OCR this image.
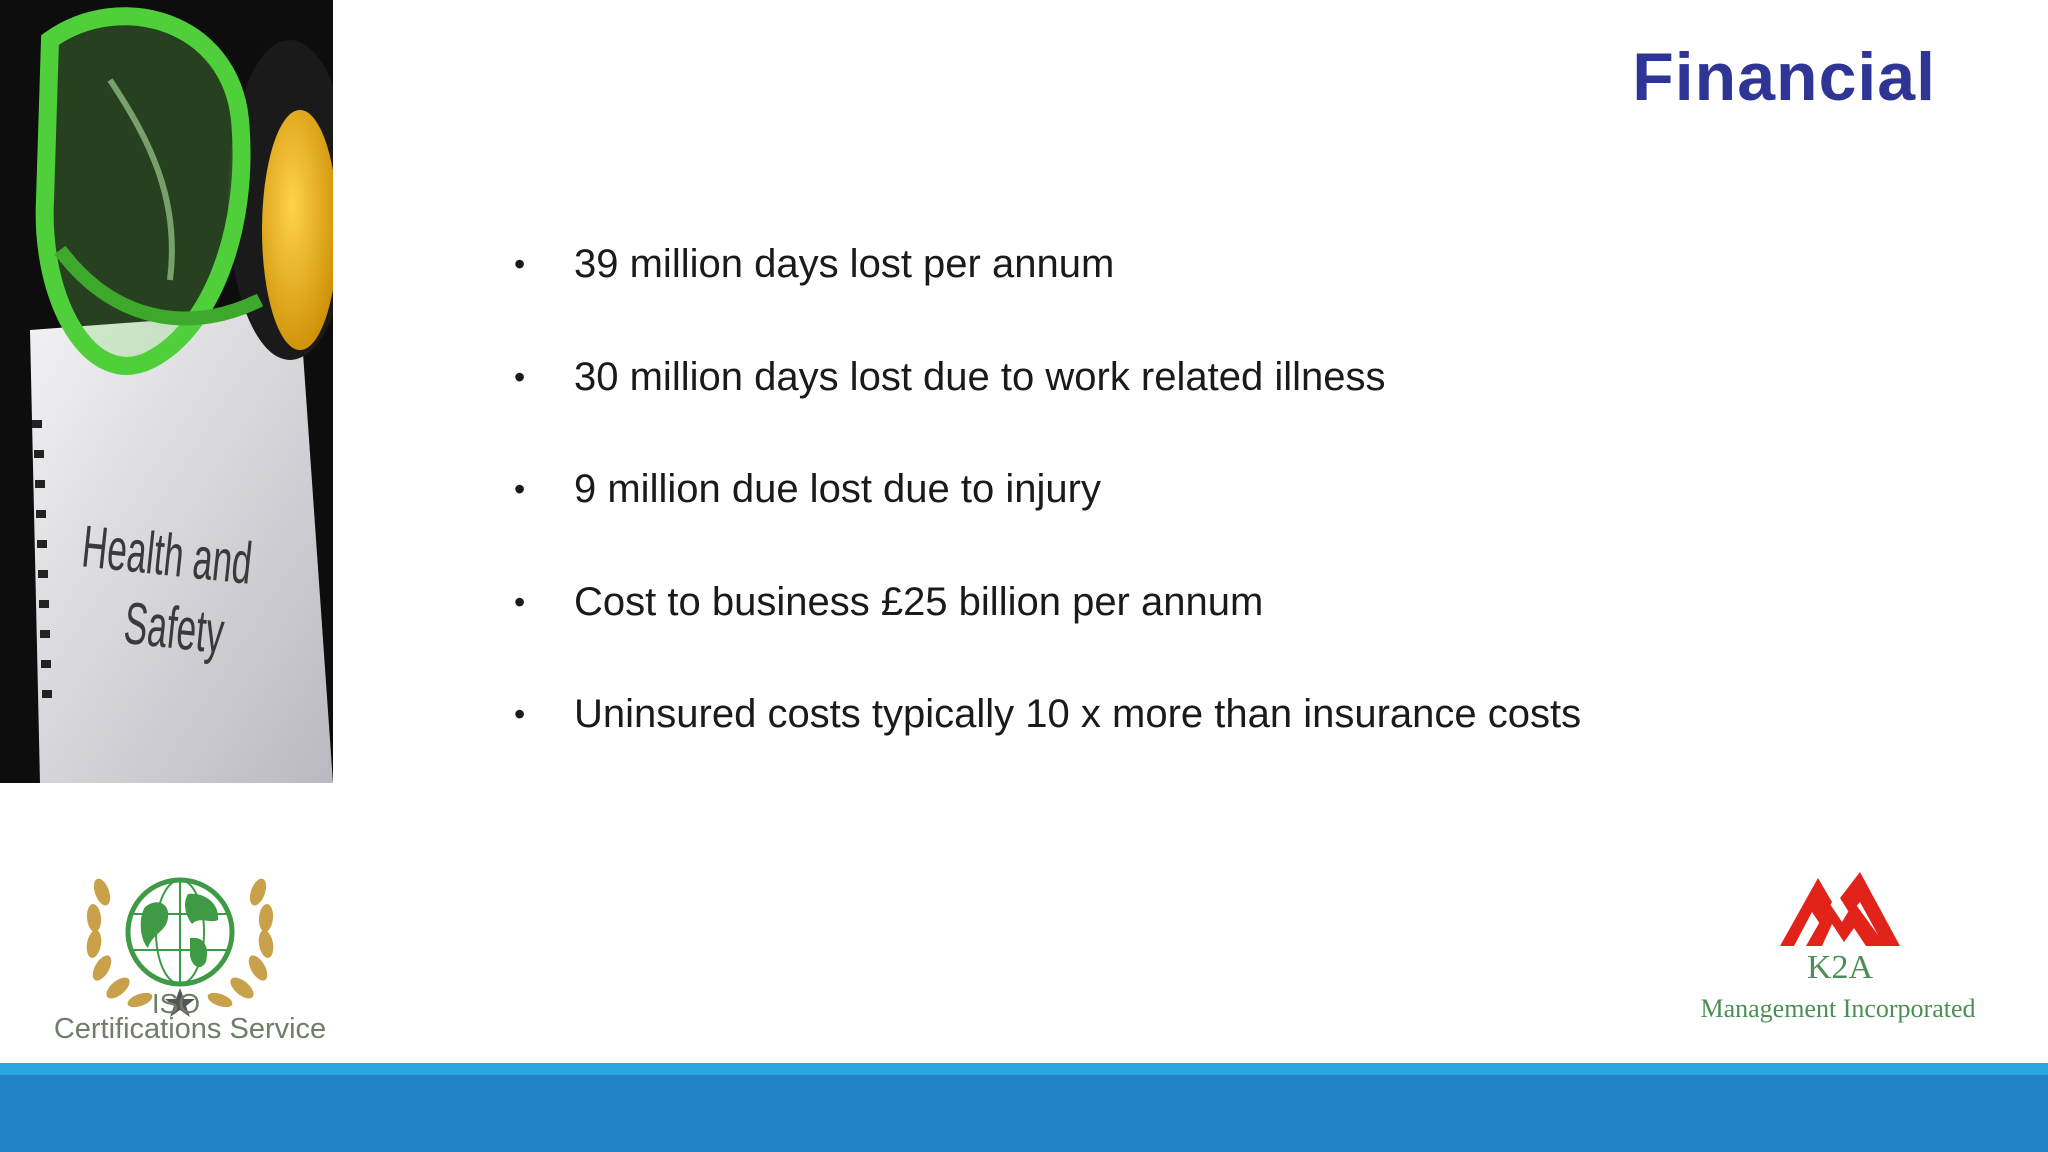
Health and
Safety
Financial
• 39 million days lost per annum
• 30 million days lost due to work related illness
• 9 million due lost due to injury
• Cost to business £25 billion per annum
• Uninsured costs typically 10 x more than insurance costs
ISO
Certifications Service
K2A
Management Incorporated
